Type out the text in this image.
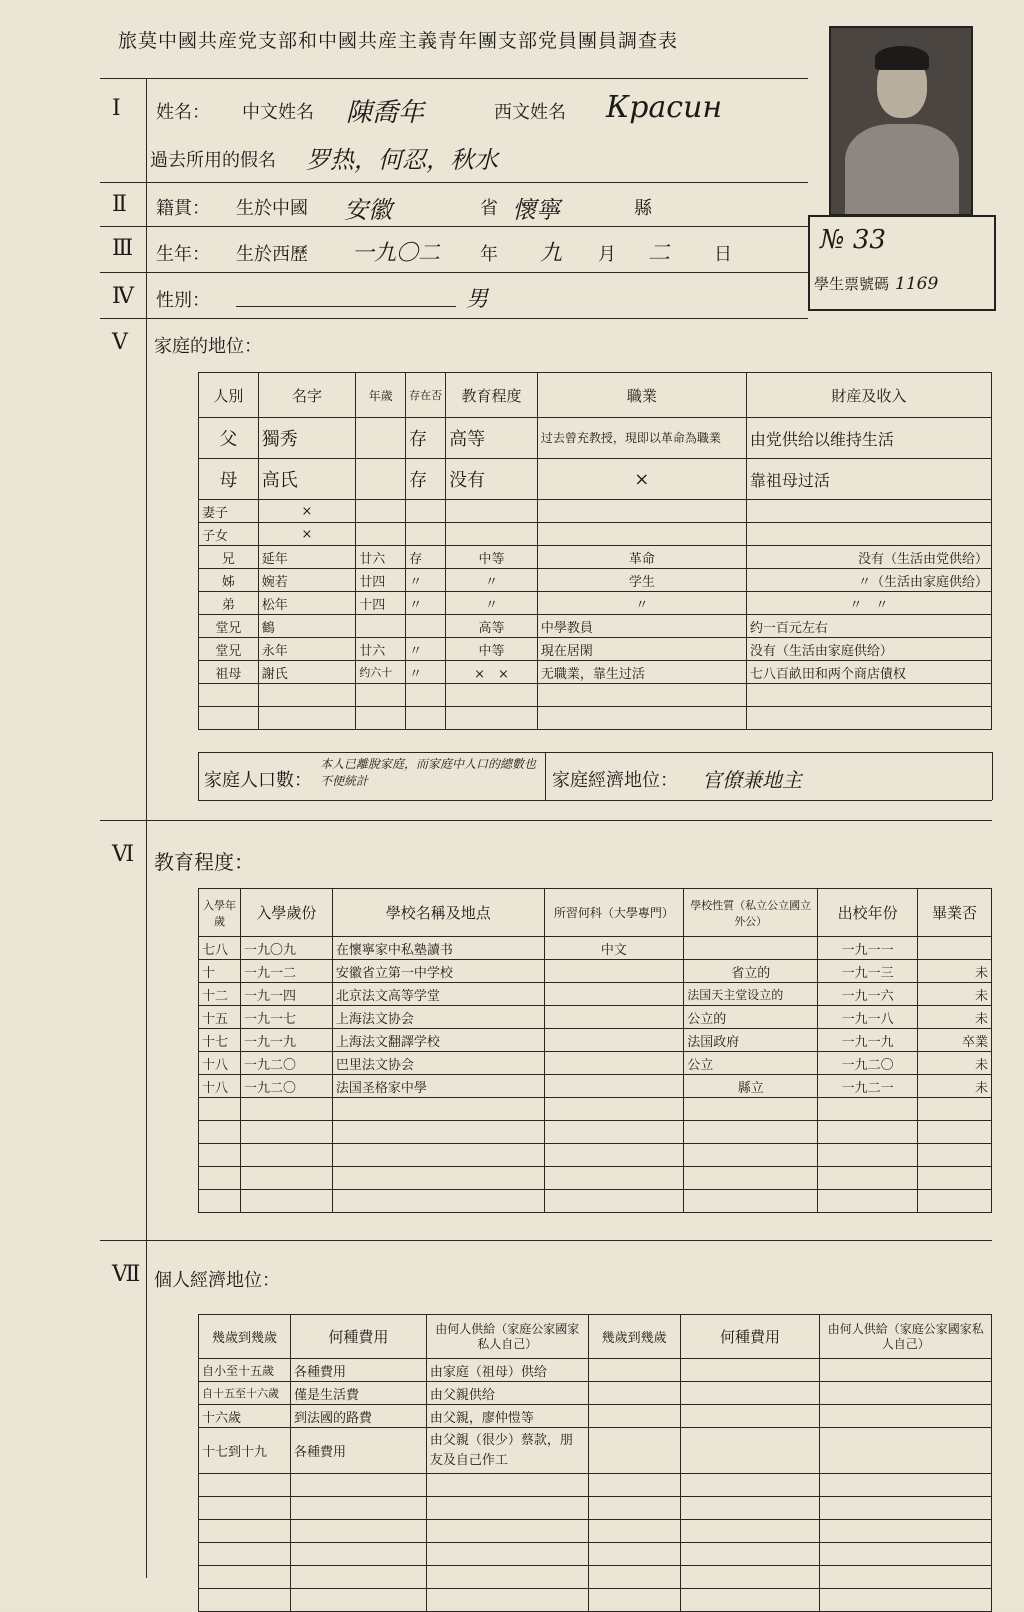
旅莫中國共産党支部和中國共産主義青年團支部党員團員調查表
№ 33
學生票號碼 1169
Ⅰ 姓名： 中文姓名 陳喬年	西文姓名 Красин
過去所用的假名 罗热，何忍，秋水
Ⅱ 籍貫： 生於中國 安徽	省 懷寧	縣
Ⅲ 生年： 生於西歷 一九〇二 年 九 月 二 日
Ⅳ 性別：	男
Ⅴ 家庭的地位：
人別	名字	年歲	存在否	教育程度	職業	財産及收入
父	獨秀		存	高等	过去曾充教授，現即以革命為職業	由党供给以维持生活
母	高氏		存	没有	×	靠祖母过活
妻子	×					
子女	×					
兄	延年	廿六	存	中等	革命	没有（生活由党供给）
姊	婉若	廿四	〃	〃	学生	〃（生活由家庭供给）
弟	松年	十四	〃	〃	〃	〃　〃
堂兄	鶴			高等	中學教員	约一百元左右
堂兄	永年	廿六	〃	中等	現在居閑	没有（生活由家庭供给）
祖母	謝氏	约六十	〃	×　×	无職業，靠生过活	七八百畝田和两个商店債权

家庭人口數：
本人已離脫家庭，而家庭中人口的總數也不便統計	家庭經濟地位： 官僚兼地主
Ⅵ 教育程度：
入學年歲	入學歲份	學校名稱及地点	所習何科（大學專門）	學校性質（私立公立國立外公）	出校年份	畢業否
七八	一九〇九	在懷寧家中私塾讀书	中文		一九一一	
十	一九一二	安徽省立第一中学校		省立的	一九一三	未
十二	一九一四	北京法文高等学堂		法国天主堂设立的	一九一六	未
十五	一九一七	上海法文协会		公立的	一九一八	未
十七	一九一九	上海法文翻譯学校		法国政府	一九一九	卒業
十八	一九二〇	巴里法文协会		公立	一九二〇	未
十八	一九二〇	法国圣格家中學		縣立	一九二一	未

Ⅶ 個人經濟地位：
幾歲到幾歲	何種費用	由何人供給（家庭公家國家私人自己）	幾歲到幾歲	何種費用	由何人供給（家庭公家國家私人自己）
自小至十五歲	各種費用	由家庭（祖母）供给			
自十五至十六歲	僅是生活費	由父親供给			
十六歲	到法國的路費	由父親，廖仲愷等			
十七到十九	各種費用	由父親（很少）蔡款，朋友及自己作工			
